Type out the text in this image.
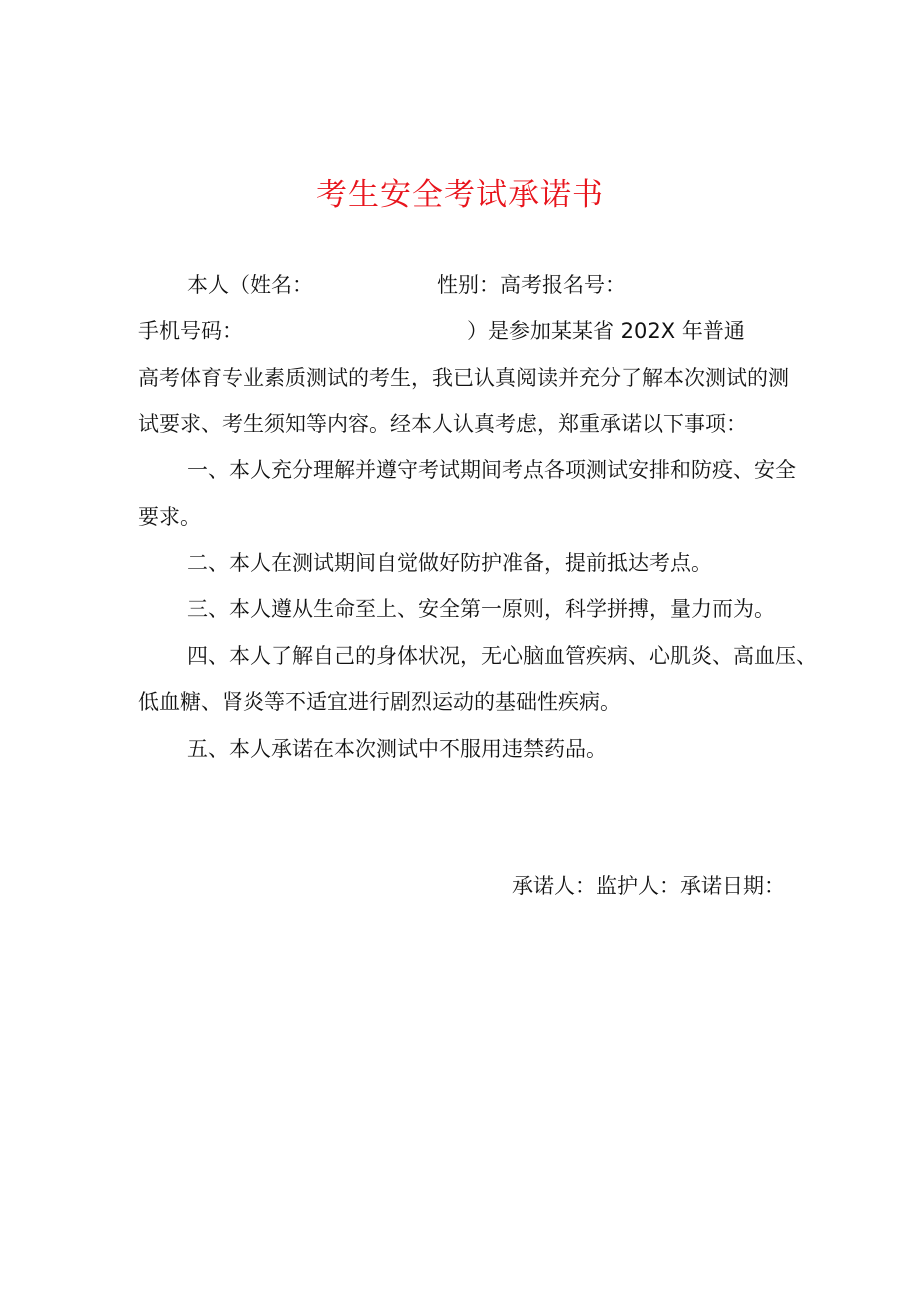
考生安全考试承诺书
本人（姓名：	性别：高考报名号：
手机号码：	）是参加某某省 202X 年普通
高考体育专业素质测试的考生，我已认真阅读并充分了解本次测试的测
试要求、考生须知等内容。经本人认真考虑，郑重承诺以下事项：
一、本人充分理解并遵守考试期间考点各项测试安排和防疫、安全
要求。
二、本人在测试期间自觉做好防护准备，提前抵达考点。
三、本人遵从生命至上、安全第一原则，科学拼搏，量力而为。
四、本人了解自己的身体状况，无心脑血管疾病、心肌炎、高血压、
低血糖、肾炎等不适宜进行剧烈运动的基础性疾病。
五、本人承诺在本次测试中不服用违禁药品。
承诺人：监护人：承诺日期：
